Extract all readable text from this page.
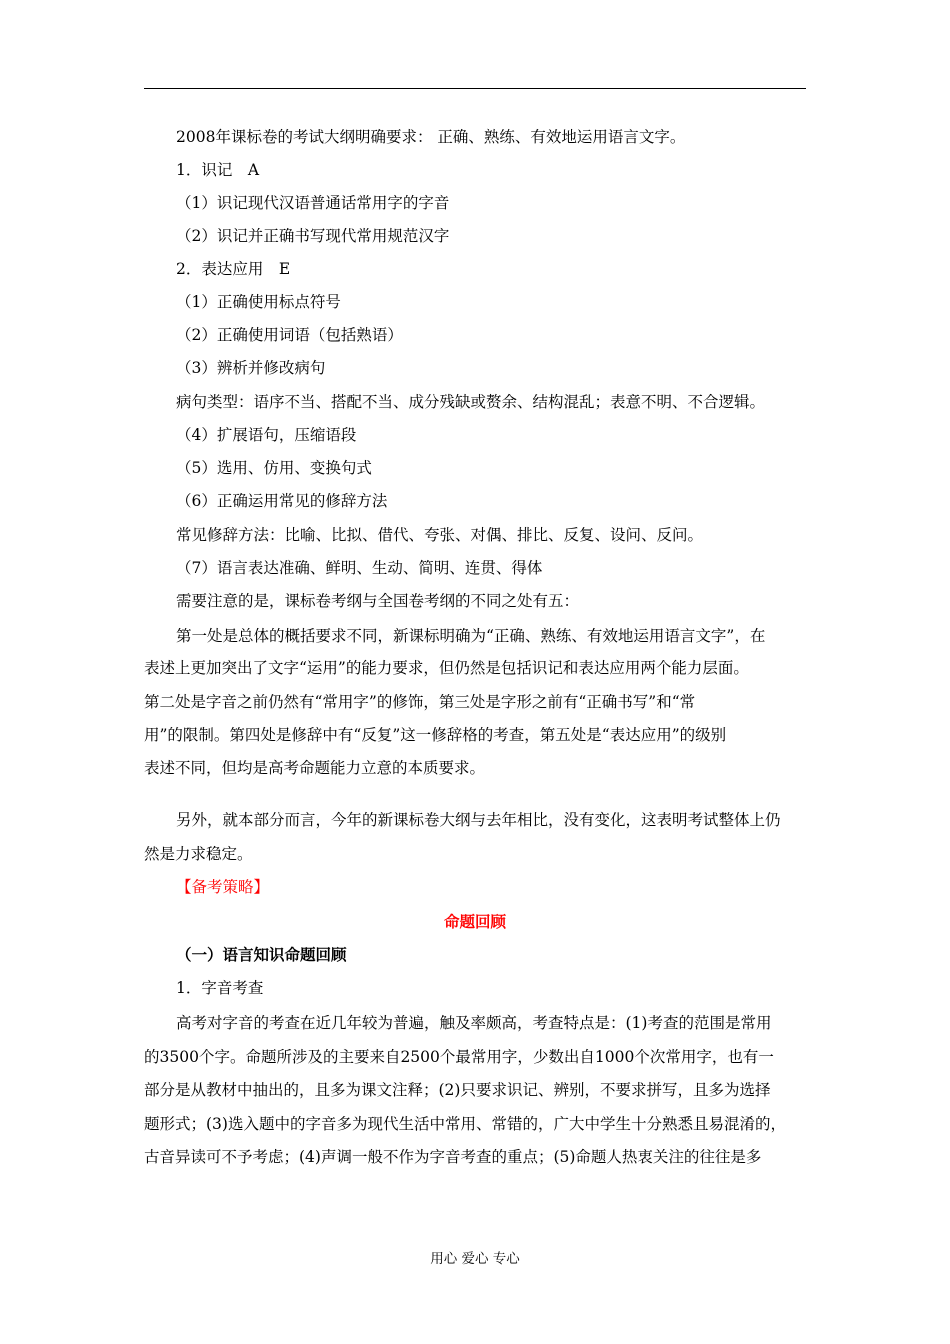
2008年课标卷的考试大纲明确要求： 正确、熟练、有效地运用语言文字。
1．识记　A
（1）识记现代汉语普通话常用字的字音
（2）识记并正确书写现代常用规范汉字
2．表达应用　E
（1）正确使用标点符号
（2）正确使用词语（包括熟语）
（3）辨析并修改病句
病句类型：语序不当、搭配不当、成分残缺或赘余、结构混乱；表意不明、不合逻辑。
（4）扩展语句，压缩语段
（5）选用、仿用、变换句式
（6）正确运用常见的修辞方法
常见修辞方法：比喻、比拟、借代、夸张、对偶、排比、反复、设问、反问。
（7）语言表达准确、鲜明、生动、简明、连贯、得体
需要注意的是，课标卷考纲与全国卷考纲的不同之处有五：
第一处是总体的概括要求不同，新课标明确为“正确、熟练、有效地运用语言文字”，在
表述上更加突出了文字“运用”的能力要求，但仍然是包括识记和表达应用两个能力层面。
第二处是字音之前仍然有“常用字”的修饰，第三处是字形之前有“正确书写”和“常
用”的限制。第四处是修辞中有“反复”这一修辞格的考查，第五处是“表达应用”的级别
表述不同，但均是高考命题能力立意的本质要求。
另外，就本部分而言，今年的新课标卷大纲与去年相比，没有变化，这表明考试整体上仍
然是力求稳定。
【备考策略】
命题回顾
（一）语言知识命题回顾
1．字音考查
高考对字音的考查在近几年较为普遍，触及率颇高，考查特点是：(1)考查的范围是常用
的3500个字。命题所涉及的主要来自2500个最常用字，少数出自1000个次常用字，也有一
部分是从教材中抽出的，且多为课文注释；(2)只要求识记、辨别，不要求拼写，且多为选择
题形式；(3)选入题中的字音多为现代生活中常用、常错的，广大中学生十分熟悉且易混淆的，
古音异读可不予考虑；(4)声调一般不作为字音考查的重点；(5)命题人热衷关注的往往是多
用心 爱心 专心
